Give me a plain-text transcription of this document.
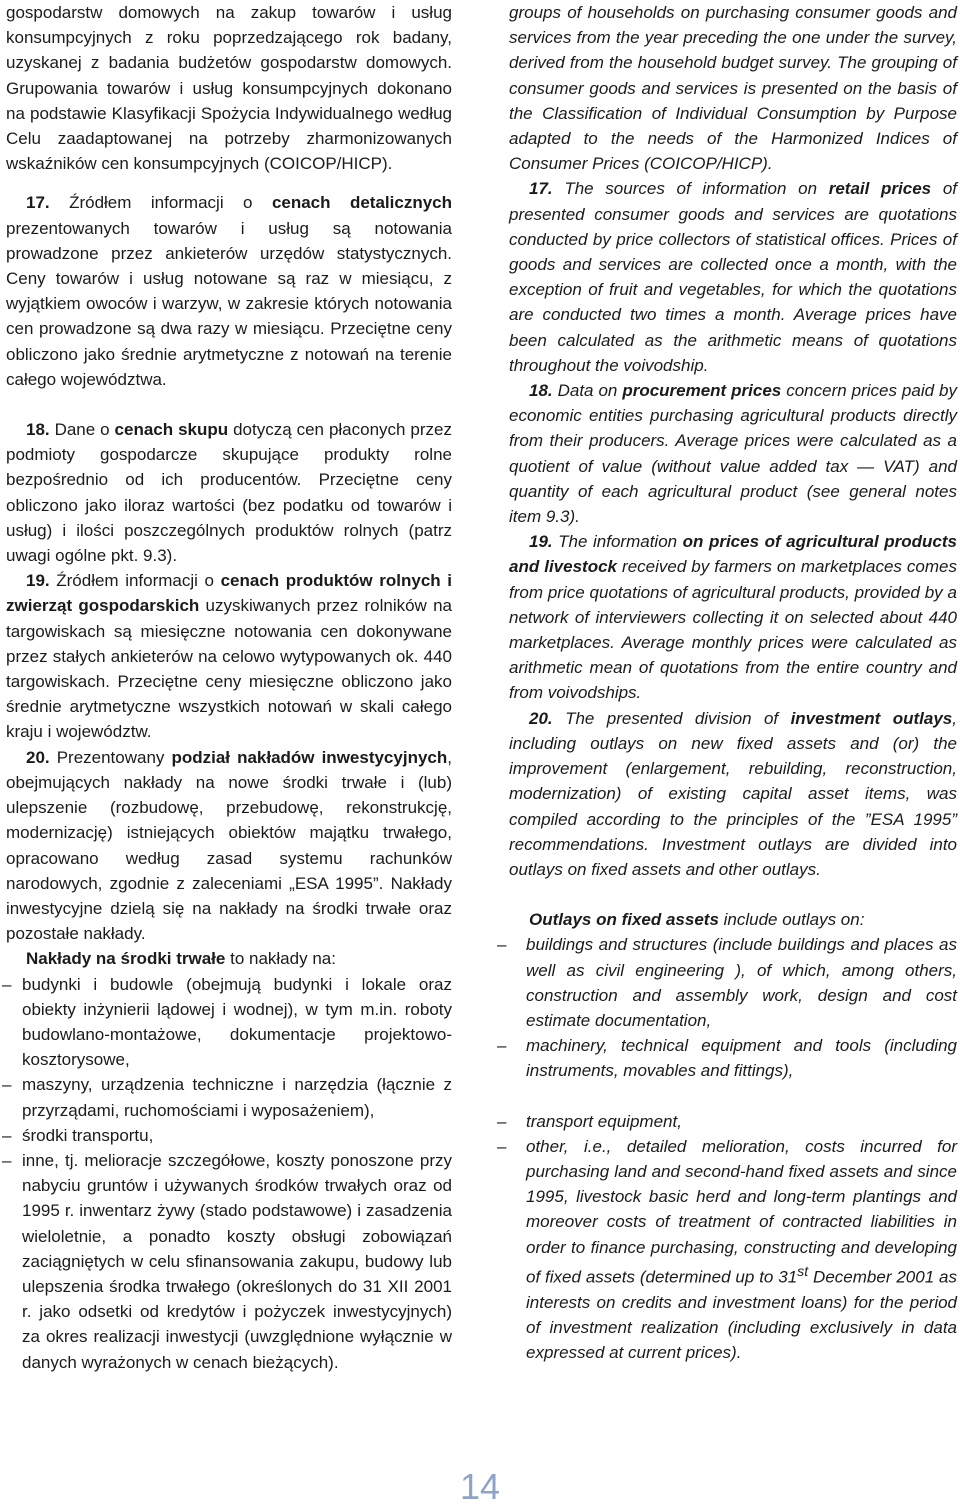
gospodarstw domowych na zakup towarów i usług konsumpcyjnych z roku poprzedzającego rok badany, uzyskanej z badania budżetów gospodarstw domowych. Grupowania towarów i usług konsumpcyjnych dokonano na podstawie Klasyfikacji Spożycia Indywidualnego według Celu zaadaptowanej na potrzeby zharmonizowanych wskaźników cen konsumpcyjnych (COICOP/HICP).

17. Źródłem informacji o cenach detalicznych prezentowanych towarów i usług są notowania prowadzone przez ankieterów urzędów statystycznych. Ceny towarów i usług notowane są raz w miesiącu, z wyjątkiem owoców i warzyw, w zakresie których notowania cen prowadzone są dwa razy w miesiącu. Przeciętne ceny obliczono jako średnie arytmetyczne z notowań na terenie całego województwa.

18. Dane o cenach skupu dotyczą cen płaconych przez podmioty gospodarcze skupujące produkty rolne bezpośrednio od ich producentów. Przeciętne ceny obliczono jako iloraz wartości (bez podatku od towarów i usług) i ilości poszczególnych produktów rolnych (patrz uwagi ogólne pkt. 9.3).

19. Źródłem informacji o cenach produktów rolnych i zwierząt gospodarskich uzyskiwanych przez rolników na targowiskach są miesięczne notowania cen dokonywane przez stałych ankieterów na celowo wytypowanych ok. 440 targowiskach. Przeciętne ceny miesięczne obliczono jako średnie arytmetyczne wszystkich notowań w skali całego kraju i województw.

20. Prezentowany podział nakładów inwestycyjnych, obejmujących nakłady na nowe środki trwałe i (lub) ulepszenie (rozbudowę, przebudowę, rekonstrukcję, modernizację) istniejących obiektów majątku trwałego, opracowano według zasad systemu rachunków narodowych, zgodnie z zaleceniami „ESA 1995”. Nakłady inwestycyjne dzielą się na nakłady na środki trwałe oraz pozostałe nakłady.

Nakłady na środki trwałe to nakłady na:

– budynki i budowle (obejmują budynki i lokale oraz obiekty inżynierii lądowej i wodnej), w tym m.in. roboty budowlano-montażowe, dokumentacje projektowo-kosztorysowe,
– maszyny, urządzenia techniczne i narzędzia (łącznie z przyrządami, ruchomościami i wyposażeniem),
– środki transportu,
– inne, tj. melioracje szczegółowe, koszty ponoszone przy nabyciu gruntów i używanych środków trwałych oraz od 1995 r. inwentarz żywy (stado podstawowe) i zasadzenia wieloletnie, a ponadto koszty obsługi zobowiązań zaciągniętych w celu sfinansowania zakupu, budowy lub ulepszenia środka trwałego (określonych do 31 XII 2001 r. jako odsetki od kredytów i pożyczek inwestycyjnych) za okres realizacji inwestycji (uwzględnione wyłącznie w danych wyrażonych w cenach bieżących).

groups of households on purchasing consumer goods and services from the year preceding the one under the survey, derived from the household budget survey. The grouping of consumer goods and services is presented on the basis of the Classification of Individual Consumption by Purpose adapted to the needs of the Harmonized Indices of Consumer Prices (COICOP/HICP).

17. The sources of information on retail prices of presented consumer goods and services are quotations conducted by price collectors of statistical offices. Prices of goods and services are collected once a month, with the exception of fruit and vegetables, for which the quotations are conducted two times a month. Average prices have been calculated as the arithmetic means of quotations throughout the voivodship.

18. Data on procurement prices concern prices paid by economic entities purchasing agricultural products directly from their producers. Average prices were calculated as a quotient of value (without value added tax — VAT) and quantity of each agricultural product (see general notes item 9.3).

19. The information on prices of agricultural products and livestock received by farmers on marketplaces comes from price quotations of agricultural products, provided by a network of interviewers collecting it on selected about 440 marketplaces. Average monthly prices were calculated as arithmetic mean of quotations from the entire country and from voivodships.

20. The presented division of investment outlays, including outlays on new fixed assets and (or) the improvement (enlargement, rebuilding, reconstruction, modernization) of existing capital asset items, was compiled according to the principles of the ”ESA 1995” recommendations. Investment outlays are divided into outlays on fixed assets and other outlays.

Outlays on fixed assets include outlays on:

– buildings and structures (include buildings and places as well as civil engineering ), of which, among others, construction and assembly work, design and cost estimate documentation,
– machinery, technical equipment and tools (including instruments, movables and fittings),
– transport equipment,
– other, i.e., detailed melioration, costs incurred for purchasing land and second-hand fixed assets and since 1995, livestock basic herd and long-term plantings and moreover costs of treatment of contracted liabilities in order to finance purchasing, constructing and developing of fixed assets (determined up to 31st December 2001 as interests on credits and investment loans) for the period of investment realization (including exclusively in data expressed at current prices).
14
